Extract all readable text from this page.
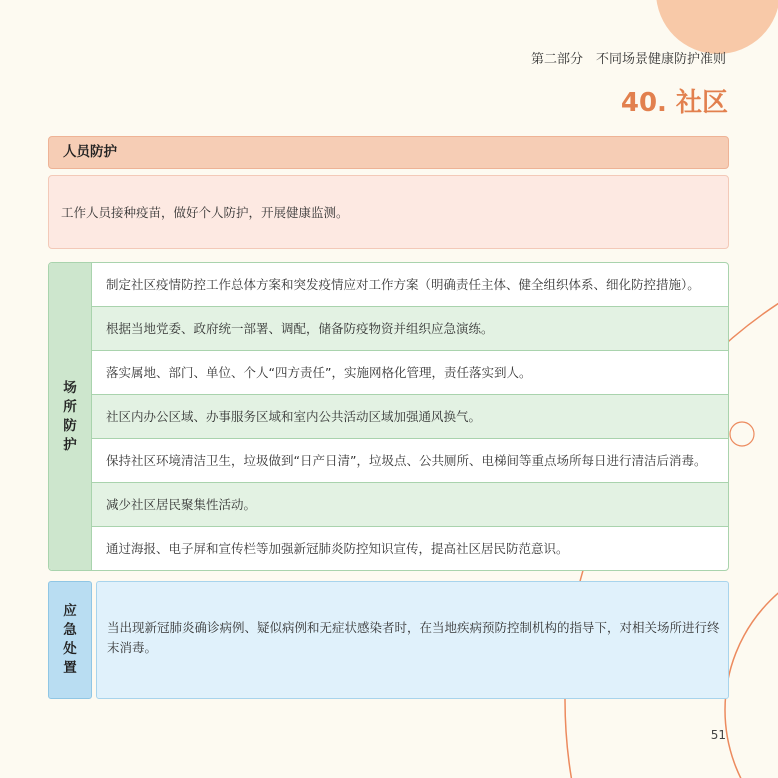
第二部分　不同场景健康防护准则
40. 社区
人员防护
工作人员接种疫苗，做好个人防护，开展健康监测。
场所防护
制定社区疫情防控工作总体方案和突发疫情应对工作方案（明确责任主体、健全组织体系、细化防控措施）。
根据当地党委、政府统一部署、调配，储备防疫物资并组织应急演练。
落实属地、部门、单位、个人“四方责任”，实施网格化管理，责任落实到人。
社区内办公区域、办事服务区域和室内公共活动区域加强通风换气。
保持社区环境清洁卫生，垃圾做到“日产日清”，垃圾点、公共厕所、电梯间等重点场所每日进行清洁后消毒。
减少社区居民聚集性活动。
通过海报、电子屏和宣传栏等加强新冠肺炎防控知识宣传，提高社区居民防范意识。
应急处置
当出现新冠肺炎确诊病例、疑似病例和无症状感染者时，在当地疾病预防控制机构的指导下，对相关场所进行终末消毒。
51
